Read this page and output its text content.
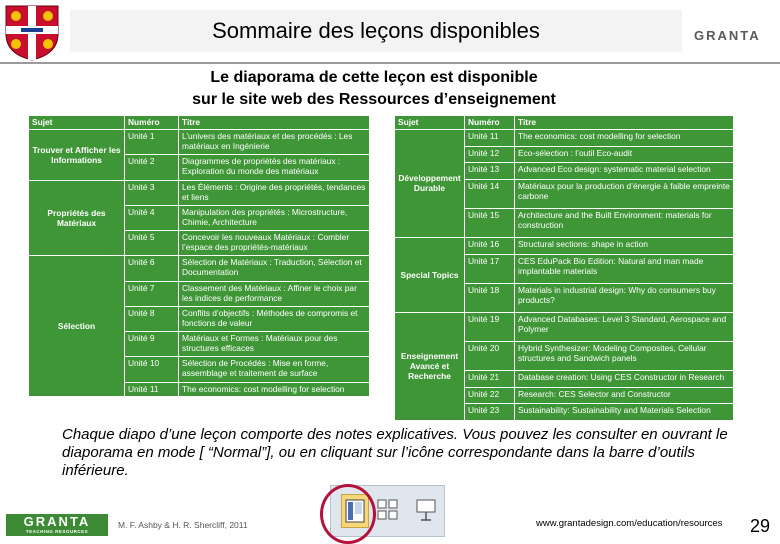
Sommaire des leçons disponibles	GRANTA
Le diaporama de cette leçon est disponible
sur le site web des Ressources d’enseignement
Sujet	Numéro	Titre
Trouver et Afficher les Informations	Unité 1	L’univers des matériaux et des procédés : Les matériaux en Ingénierie
	Unité 2	Diagrammes de propriétés des matériaux : Exploration du monde des matériaux
Propriétés des Matériaux	Unité 3	Les Éléments : Origine des propriétés, tendances et liens
	Unité 4	Manipulation des propriétés : Microstructure, Chimie, Architecture
	Unité 5	Concevoir les nouveaux Matériaux : Combler l’espace des propriétés-matériaux
Sélection	Unité 6	Sélection de Matériaux : Traduction, Sélection et Documentation
	Unité 7	Classement des Matériaux : Affiner le choix par les indices de performance
	Unité 8	Conflits d’objectifs : Méthodes de compromis et fonctions de valeur
	Unité 9	Matériaux et Formes : Matériaux pour des structures efficaces
	Unité 10	Sélection de Procédés : Mise en forme, assemblage et traitement de surface
	Unité 11	The economics: cost modelling for selection
Sujet	Numéro	Titre
Développement Durable	Unité 11	The economics: cost modelling for selection
	Unité 12	Eco-sélection : l’outil Eco-audit
	Unité 13	Advanced Eco design: systematic material selection
	Unité 14	Matériaux pour la production d’énergie à faible empreinte carbone
	Unité 15	Architecture and the Built Environment: materials for construction
Special Topics	Unité 16	Structural sections: shape in action
	Unité 17	CES EduPack Bio Edition: Natural and man made implantable materials
	Unité 18	Materials in industrial design: Why do consumers buy products?
Enseignement Avancé et Recherche	Unité 19	Advanced Databases: Level 3 Standard, Aerospace and Polymer
	Unité 20	Hybrid Synthesizer: Modeling Composites, Cellular structures and Sandwich panels
	Unité 21	Database creation: Using CES Constructor in Research
	Unité 22	Research: CES Selector and Constructor
	Unité 23	Sustainability: Sustainability and Materials Selection
Chaque diapo d’une leçon comporte des notes explicatives. Vous pouvez les consulter en ouvrant le diaporama en mode [ “Normal”], ou en cliquant sur l’icône correspondante dans la barre d’outils inférieure.
GRANTA
TEACHING RESOURCES
M. F. Ashby & H. R. Shercliff, 2011	www.grantadesign.com/education/resources 29
